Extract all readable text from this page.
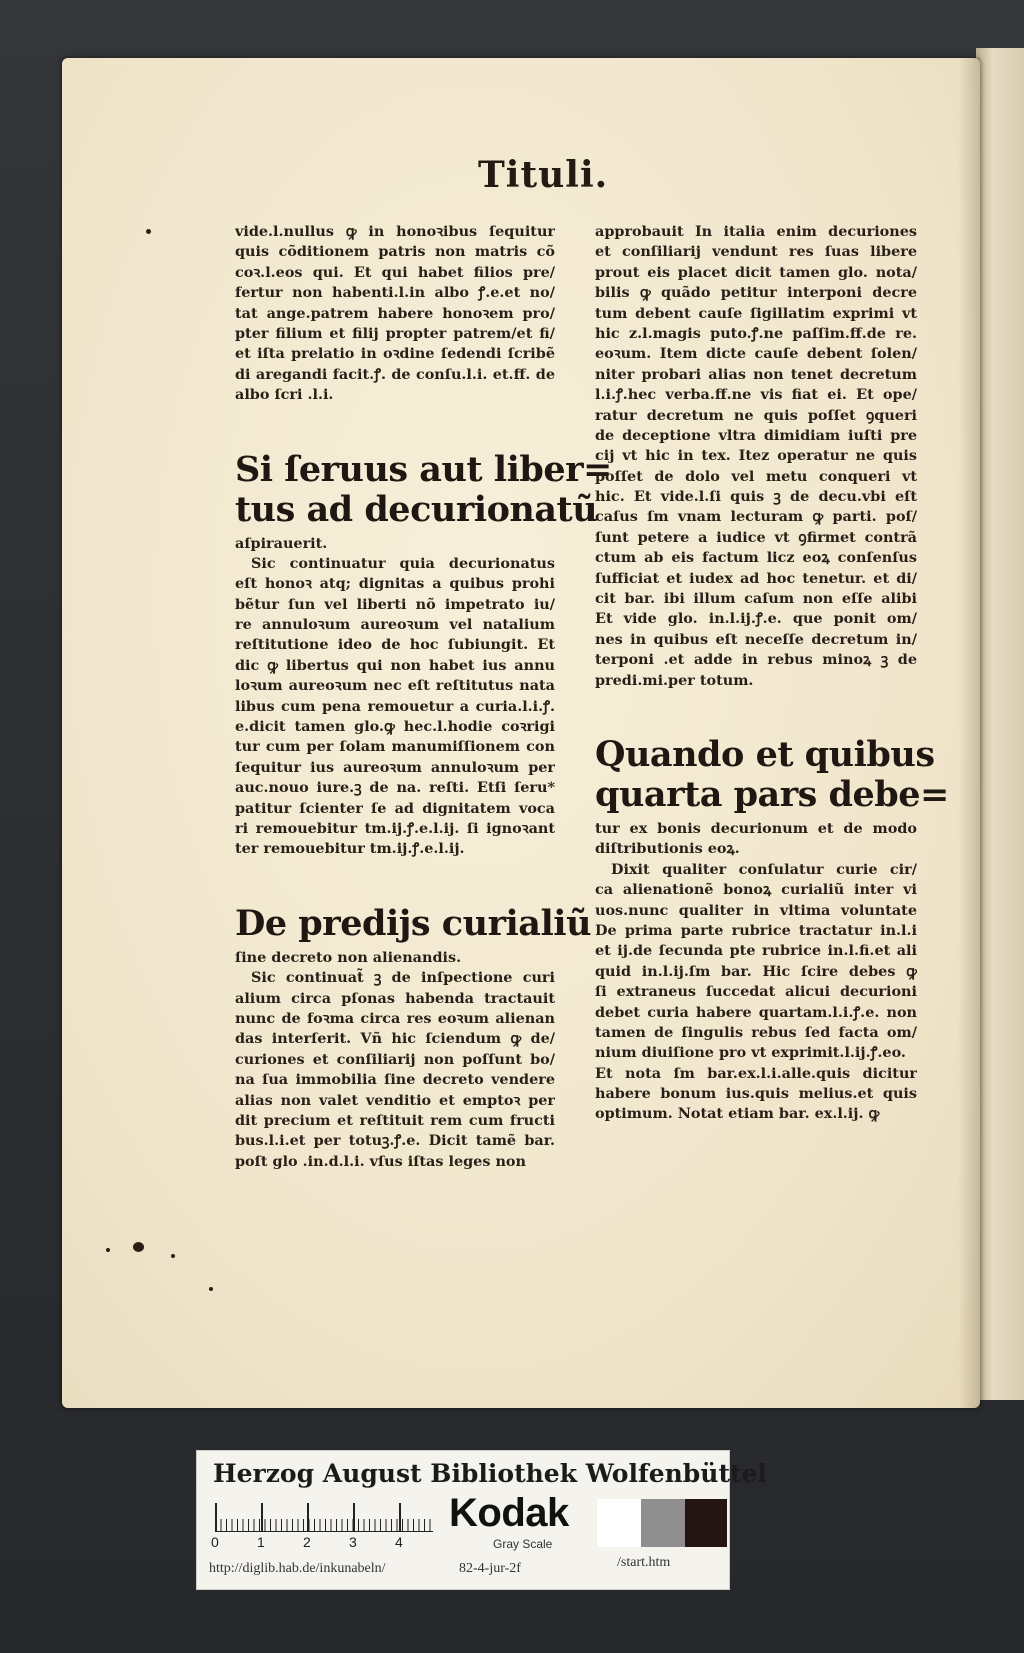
Tituli.
vide.l.nullus ꝙ in honoꝛibus ſequitur
quis cõditionem patris non matris cõ
coꝛ.l.eos qui. Et qui habet filios pre/
fertur non habenti.l.in albo ꝭ.e.et no/
tat ange.patrem habere honoꝛem pro/
pter filium et filij propter patrem/et fi/
et iſta prelatio in oꝛdine ſedendi ſcribẽ
di aregandi facit.ꝭ. de conſu.l.i. et.ff. de
albo ſcri .l.i.
Si ſeruus aut liber=
tus ad decurionatũ
aſpirauerit.
Sic continuatur quia decurionatus
eſt honoꝛ atq; dignitas a quibus prohi
bẽtur ſun vel liberti nõ impetrato iu/
re annuloꝛum aureoꝛum vel natalium
reſtitutione ideo de hoc ſubiungit. Et
dic ꝙ libertus qui non habet ius annu
loꝛum aureoꝛum nec eſt reſtitutus nata
libus cum pena remouetur a curia.l.i.ꝭ.
e.dicit tamen glo.ꝙ hec.l.hodie coꝛrigi
tur cum per ſolam manumiſſionem con
ſequitur ius aureoꝛum annuloꝛum per
auc.nouo iure.ꝫ de na. reſti. Etſi ſeru*
patitur ſcienter ſe ad dignitatem voca
ri remouebitur tm.ij.ꝭ.e.l.ij. ſi ignoꝛant
ter remouebitur tm.ij.ꝭ.e.l.ij.
De predijs curialiũ
ſine decreto non alienandis.
Sic continuat̃ ꝫ de inſpectione curi
alium circa pſonas habenda tractauit
nunc de foꝛma circa res eoꝛum alienan
das interſerit. Vñ hic ſciendum ꝙ de/
curiones et conſiliarij non poſſunt bo/
na ſua immobilia ſine decreto vendere
alias non valet venditio et emptoꝛ per
dit precium et reſtituit rem cum fructi
bus.l.i.et per totuꝫ.ꝭ.e. Dicit tamẽ bar.
poſt glo .in.d.l.i. vſus iſtas leges non
approbauit In italia enim decuriones
et conſiliarij vendunt res ſuas libere
prout eis placet dicit tamen glo. nota/
bilis ꝙ quãdo petitur interponi decre
tum debent cauſe ſigillatim exprimi vt
hic z.l.magis puto.ꝭ.ne paſſim.ff.de re.
eoꝛum. Item dicte cauſe debent ſolen/
niter probari alias non tenet decretum
l.i.ꝭ.hec verba.ff.ne vis fiat ei. Et ope/
ratur decretum ne quis poſſet ꝯqueri
de deceptione vltra dimidiam iuſti pre
cij vt hic in tex. Itez operatur ne quis
poſſet de dolo vel metu conqueri vt
hic. Et vide.l.ſi quis ꝫ de decu.vbi eſt
caſus ſm vnam lecturam ꝙ parti. poſ/
ſunt petere a iudice vt ꝯfirmet contrã
ctum ab eis factum licz eoꝝ conſenſus
ſufficiat et iudex ad hoc tenetur. et di/
cit bar. ibi illum caſum non eſſe alibi
Et vide glo. in.l.ij.ꝭ.e. que ponit om/
nes in quibus eſt neceſſe decretum in/
terponi .et adde in rebus minoꝝ ꝫ de
predi.mi.per totum.
Quando et quibus
quarta pars debe=
tur ex bonis decurionum et de modo
diſtributionis eoꝝ.
Dixit qualiter conſulatur curie cir/
ca alienationẽ bonoꝝ curialiũ inter vi
uos.nunc qualiter in vltima voluntate
De prima parte rubrice tractatur in.l.i
et ij.de ſecunda pte rubrice in.l.fi.et ali
quid in.l.ij.ſm bar. Hic ſcire debes ꝙ
ſi extraneus ſuccedat alicui decurioni
debet curia habere quartam.l.i.ꝭ.e. non
tamen de ſingulis rebus ſed facta om/
nium diuiſione pro vt exprimit.l.ij.ꝭ.eo.
Et nota ſm bar.ex.l.i.alle.quis dicitur
habere bonum ius.quis melius.et quis
optimum. Notat etiam bar. ex.l.ij. ꝙ
Herzog August Bibliothek Wolfenbüttel
0	1	2	3	4
Kodak
Gray Scale
http://diglib.hab.de/inkunabeln/	82-4-jur-2f	/start.htm
